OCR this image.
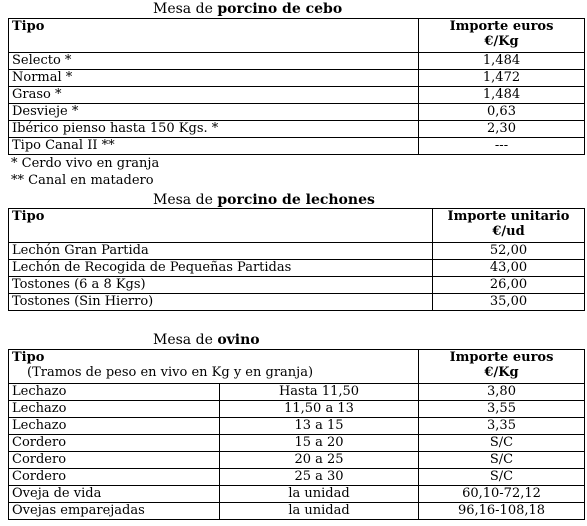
Mesa de porcino de cebo
Tipo	Importe euros
€/Kg

Selecto *	1,484
Normal *	1,472
Graso *	1,484
Desvieje *	0,63
Ibérico pienso hasta 150 Kgs. *	2,30
Tipo Canal II **	---
* Cerdo vivo en granja
** Canal en matadero
Mesa de porcino de lechones
Tipo	Importe unitario
€/ud

Lechón Gran Partida	52,00
Lechón de Recogida de Pequeñas Partidas	43,00
Tostones (6 a 8 Kgs)	26,00
Tostones (Sin Hierro)	35,00
Mesa de ovino
Tipo
(Tramos de peso en vivo en Kg y en granja)

Importe euros
€/Kg
Lechazo	Hasta 11,50	3,80
Lechazo	11,50 a 13	3,55
Lechazo	13 a 15	3,35
Cordero	15 a 20	S/C
Cordero	20 a 25	S/C
Cordero	25 a 30	S/C
Oveja de vida	la unidad	60,10-72,12
Ovejas emparejadas	la unidad	96,16-108,18
